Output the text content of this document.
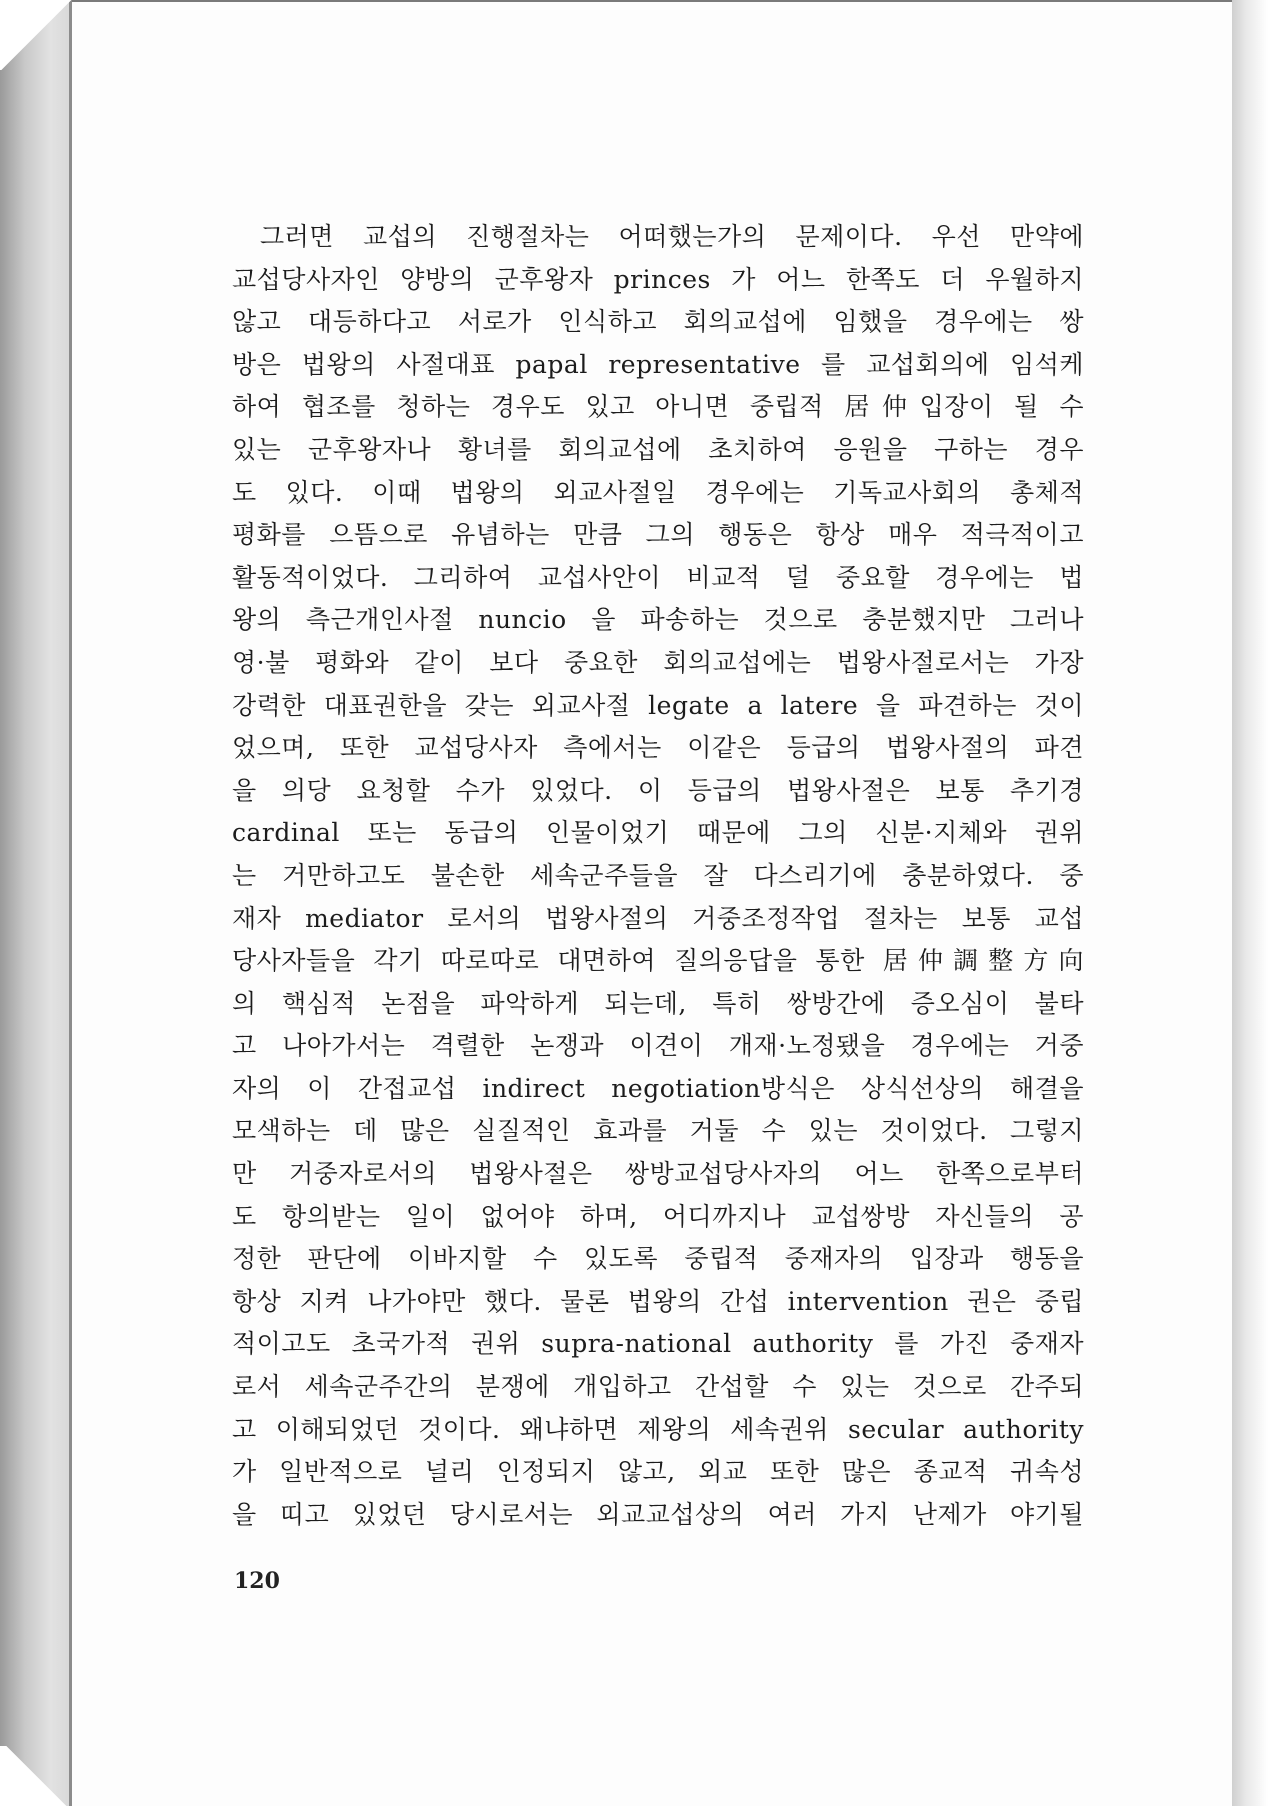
그러면 교섭의 진행절차는 어떠했는가의 문제이다. 우선 만약에
교섭당사자인 양방의 군후왕자 princes 가 어느 한쪽도 더 우월하지
않고 대등하다고 서로가 인식하고 회의교섭에 임했을 경우에는 쌍
방은 법왕의 사절대표 papal representative 를 교섭회의에 임석케
하여 협조를 청하는 경우도 있고 아니면 중립적 居仲입장이 될 수
있는 군후왕자나 황녀를 회의교섭에 초치하여 응원을 구하는 경우
도 있다. 이때 법왕의 외교사절일 경우에는 기독교사회의 총체적
평화를 으뜸으로 유념하는 만큼 그의 행동은 항상 매우 적극적이고
활동적이었다. 그리하여 교섭사안이 비교적 덜 중요할 경우에는 법
왕의 측근개인사절 nuncio 을 파송하는 것으로 충분했지만 그러나
영·불 평화와 같이 보다 중요한 회의교섭에는 법왕사절로서는 가장
강력한 대표권한을 갖는 외교사절 legate a latere 을 파견하는 것이
었으며, 또한 교섭당사자 측에서는 이같은 등급의 법왕사절의 파견
을 의당 요청할 수가 있었다. 이 등급의 법왕사절은 보통 추기경
cardinal 또는 동급의 인물이었기 때문에 그의 신분·지체와 권위
는 거만하고도 불손한 세속군주들을 잘 다스리기에 충분하였다. 중
재자 mediator 로서의 법왕사절의 거중조정작업 절차는 보통 교섭
당사자들을 각기 따로따로 대면하여 질의응답을 통한 居仲調整方向
의 핵심적 논점을 파악하게 되는데, 특히 쌍방간에 증오심이 불타
고 나아가서는 격렬한 논쟁과 이견이 개재·노정됐을 경우에는 거중
자의 이 간접교섭 indirect negotiation방식은 상식선상의 해결을
모색하는 데 많은 실질적인 효과를 거둘 수 있는 것이었다. 그렇지
만 거중자로서의 법왕사절은 쌍방교섭당사자의 어느 한쪽으로부터
도 항의받는 일이 없어야 하며, 어디까지나 교섭쌍방 자신들의 공
정한 판단에 이바지할 수 있도록 중립적 중재자의 입장과 행동을
항상 지켜 나가야만 했다. 물론 법왕의 간섭 intervention 권은 중립
적이고도 초국가적 권위 supra-national authority 를 가진 중재자
로서 세속군주간의 분쟁에 개입하고 간섭할 수 있는 것으로 간주되
고 이해되었던 것이다. 왜냐하면 제왕의 세속권위 secular authority
가 일반적으로 널리 인정되지 않고, 외교 또한 많은 종교적 귀속성
을 띠고 있었던 당시로서는 외교교섭상의 여러 가지 난제가 야기될
120
